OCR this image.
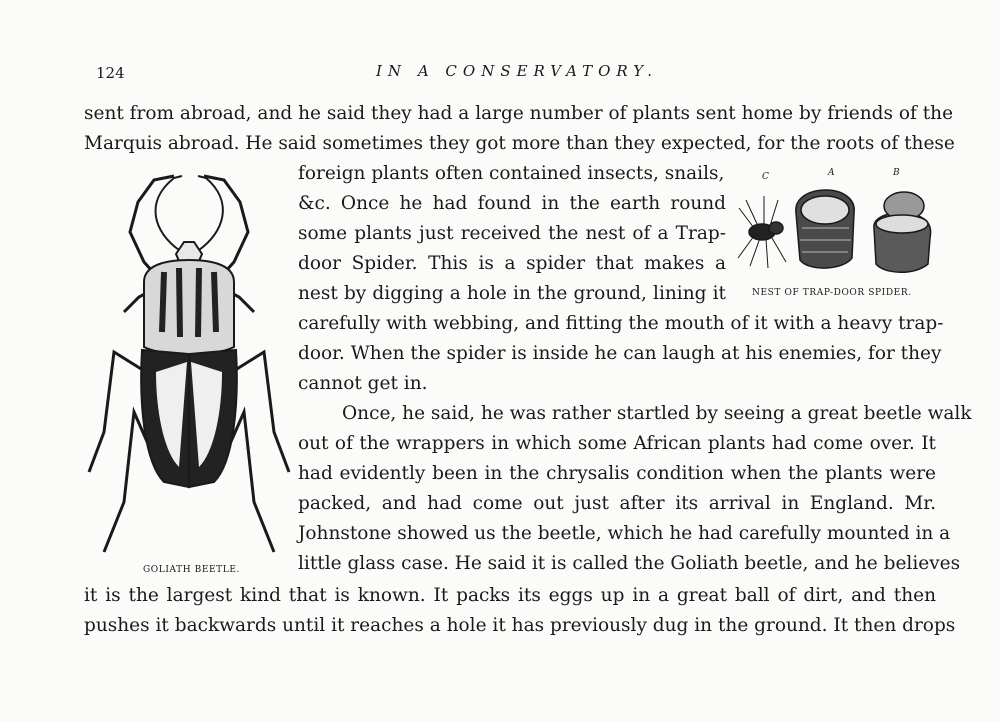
124	IN A CONSERVATORY.
sent from abroad, and he said they had a large number of plants sent home by friends of the
Marquis abroad. He said sometimes they got more than they expected, for the roots of these
foreign plants often contained insects, snails,
&c. Once he had found in the earth round
some plants just received the nest of a Trap-
door Spider. This is a spider that makes a
nest by digging a hole in the ground, lining it
carefully with webbing, and fitting the mouth of it with a heavy trap-
door. When the spider is inside he can laugh at his enemies, for they
cannot get in.
Once, he said, he was rather startled by seeing a great beetle walk
out of the wrappers in which some African plants had come over. It
had evidently been in the chrysalis condition when the plants were
packed, and had come out just after its arrival in England. Mr.
Johnstone showed us the beetle, which he had carefully mounted in a
little glass case. He said it is called the Goliath beetle, and he believes
it is the largest kind that is known. It packs its eggs up in a great ball of dirt, and then
pushes it backwards until it reaches a hole it has previously dug in the ground. It then drops
GOLIATH BEETLE.
C	A	B
NEST OF TRAP-DOOR SPIDER.
